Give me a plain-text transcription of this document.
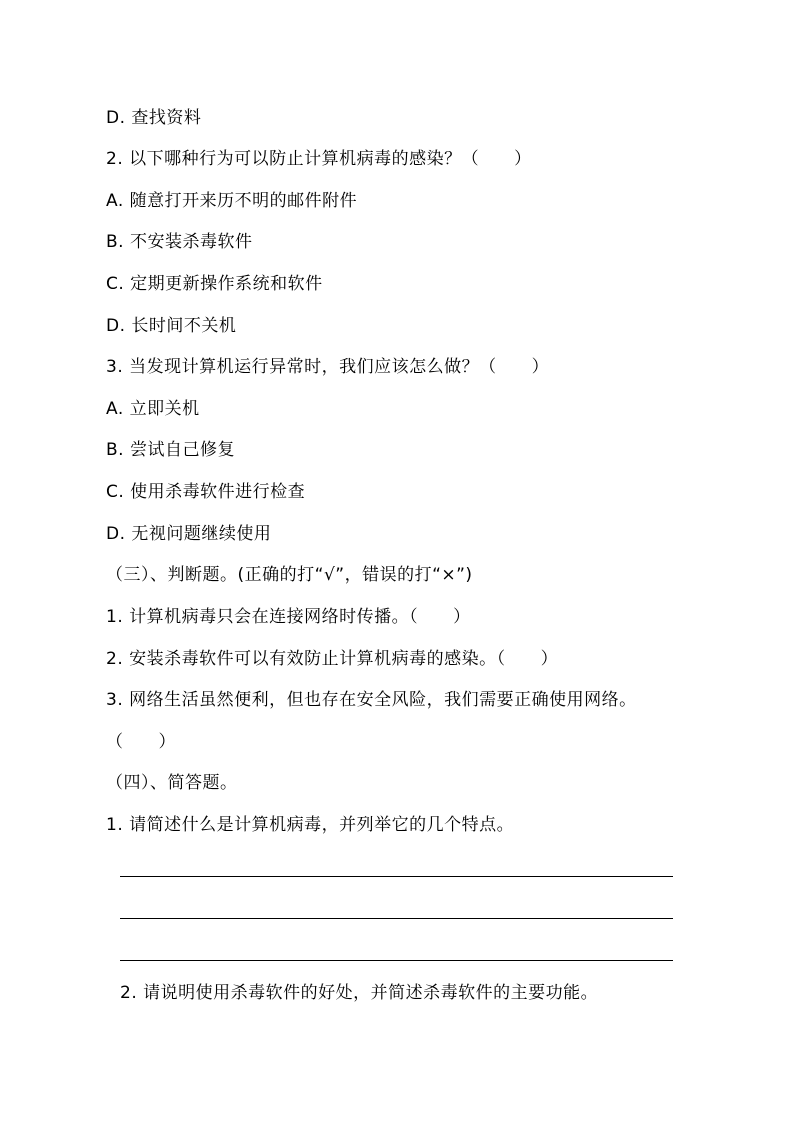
D. 查找资料
2. 以下哪种行为可以防止计算机病毒的感染？（　　）
A. 随意打开来历不明的邮件附件
B. 不安装杀毒软件
C. 定期更新操作系统和软件
D. 长时间不关机
3. 当发现计算机运行异常时，我们应该怎么做？（　　）
A. 立即关机
B. 尝试自己修复
C. 使用杀毒软件进行检查
D. 无视问题继续使用
（三）、判断题。(正确的打“√”，错误的打“×”)
1. 计算机病毒只会在连接网络时传播。（　　）
2. 安装杀毒软件可以有效防止计算机病毒的感染。（　　）
3. 网络生活虽然便利，但也存在安全风险，我们需要正确使用网络。
（　　）
（四）、简答题。
1. 请简述什么是计算机病毒，并列举它的几个特点。
2. 请说明使用杀毒软件的好处，并简述杀毒软件的主要功能。
